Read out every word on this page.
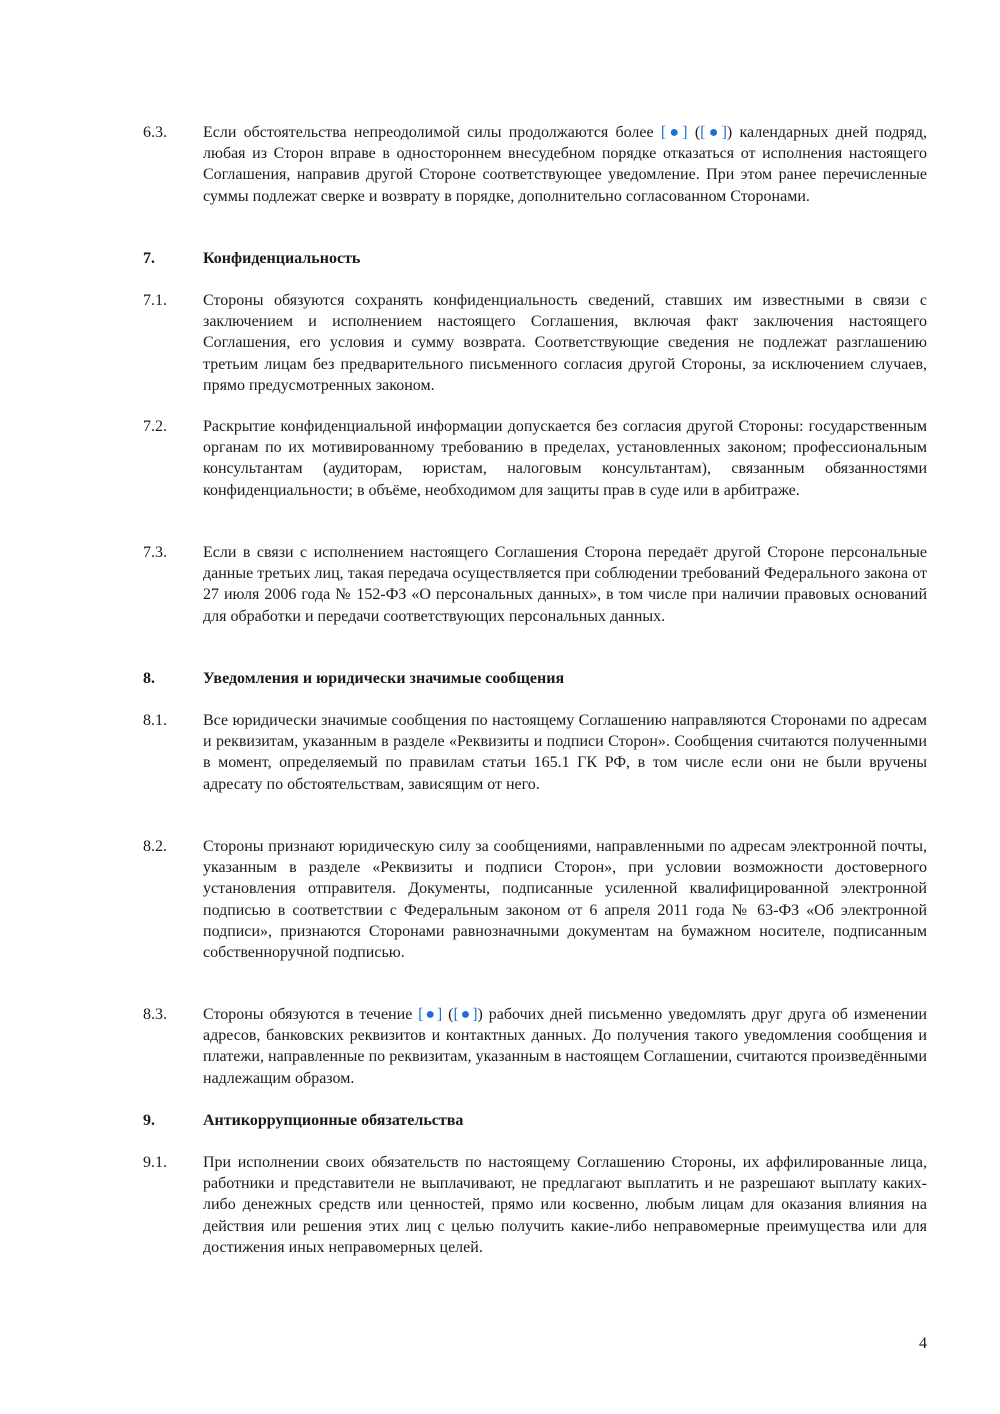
6.3.	Если обстоятельства непреодолимой силы продолжаются более [●] ([●]) календарных дней подряд, любая из Сторон вправе в одностороннем внесудебном порядке отказаться от исполнения настоящего Соглашения, направив другой Стороне соответствующее уведомление. При этом ранее перечисленные суммы подлежат сверке и возврату в порядке, дополнительно согласованном Сторонами.
7.	Конфиденциальность
7.1.	Стороны обязуются сохранять конфиденциальность сведений, ставших им известными в связи с заключением и исполнением настоящего Соглашения, включая факт заключения настоящего Соглашения, его условия и сумму возврата. Соответствующие сведения не подлежат разглашению третьим лицам без предварительного письменного согласия другой Стороны, за исключением случаев, прямо предусмотренных законом.
7.2.	Раскрытие конфиденциальной информации допускается без согласия другой Стороны: государственным органам по их мотивированному требованию в пределах, установленных законом; профессиональным консультантам (аудиторам, юристам, налоговым консультантам), связанным обязанностями конфиденциальности; в объёме, необходимом для защиты прав в суде или в арбитраже.
7.3.	Если в связи с исполнением настоящего Соглашения Сторона передаёт другой Стороне персональные данные третьих лиц, такая передача осуществляется при соблюдении требований Федерального закона от 27 июля 2006 года № 152-ФЗ «О персональных данных», в том числе при наличии правовых оснований для обработки и передачи соответствующих персональных данных.
8.	Уведомления и юридически значимые сообщения
8.1.	Все юридически значимые сообщения по настоящему Соглашению направляются Сторонами по адресам и реквизитам, указанным в разделе «Реквизиты и подписи Сторон». Сообщения считаются полученными в момент, определяемый по правилам статьи 165.1 ГК РФ, в том числе если они не были вручены адресату по обстоятельствам, зависящим от него.
8.2.	Стороны признают юридическую силу за сообщениями, направленными по адресам электронной почты, указанным в разделе «Реквизиты и подписи Сторон», при условии возможности достоверного установления отправителя. Документы, подписанные усиленной квалифицированной электронной подписью в соответствии с Федеральным законом от 6 апреля 2011 года № 63-ФЗ «Об электронной подписи», признаются Сторонами равнозначными документам на бумажном носителе, подписанным собственноручной подписью.
8.3.	Стороны обязуются в течение [●] ([●]) рабочих дней письменно уведомлять друг друга об изменении адресов, банковских реквизитов и контактных данных. До получения такого уведомления сообщения и платежи, направленные по реквизитам, указанным в настоящем Соглашении, считаются произведёнными надлежащим образом.
9.	Антикоррупционные обязательства
9.1.	При исполнении своих обязательств по настоящему Соглашению Стороны, их аффилированные лица, работники и представители не выплачивают, не предлагают выплатить и не разрешают выплату каких-либо денежных средств или ценностей, прямо или косвенно, любым лицам для оказания влияния на действия или решения этих лиц с целью получить какие-либо неправомерные преимущества или для достижения иных неправомерных целей.
4
